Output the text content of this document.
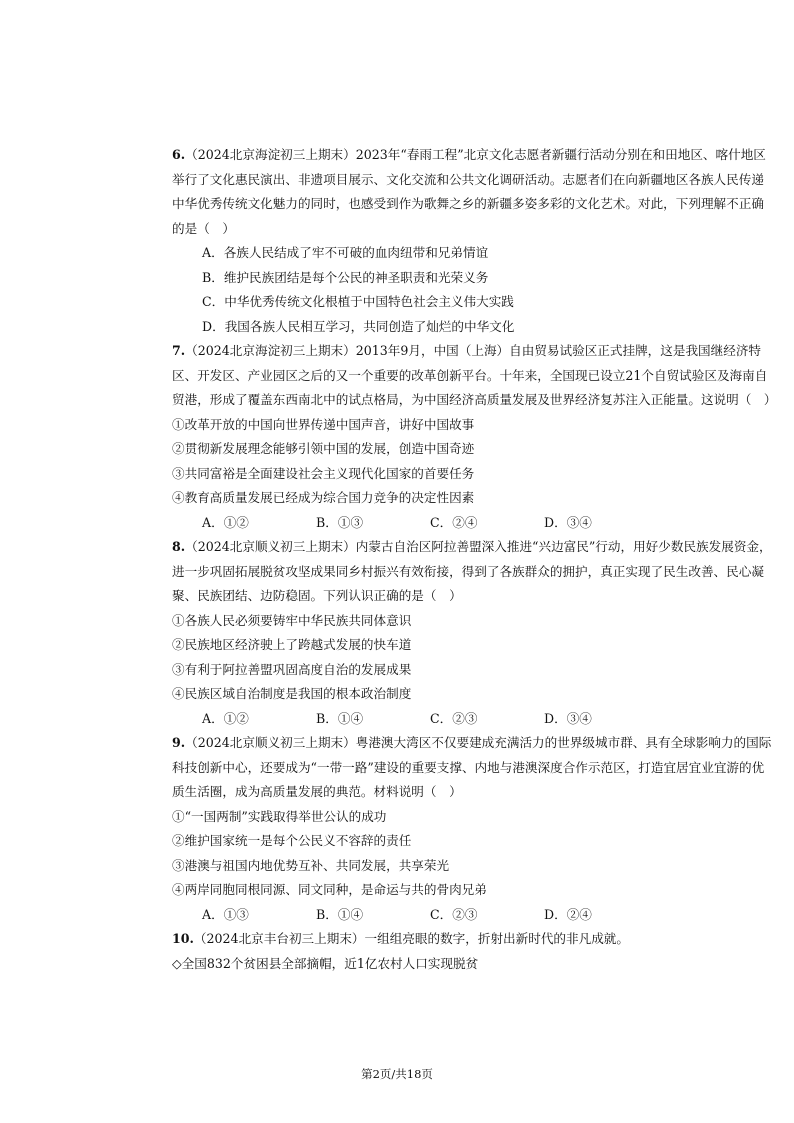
6.（2024北京海淀初三上期末）2023年“春雨工程”北京文化志愿者新疆行活动分别在和田地区、喀什地区举行了文化惠民演出、非遗项目展示、文化交流和公共文化调研活动。志愿者们在向新疆地区各族人民传递中华优秀传统文化魅力的同时，也感受到作为歌舞之乡的新疆多姿多彩的文化艺术。对此，下列理解不正确的是（　）

A．各族人民结成了牢不可破的血肉纽带和兄弟情谊
B．维护民族团结是每个公民的神圣职责和光荣义务
C．中华优秀传统文化根植于中国特色社会主义伟大实践
D．我国各族人民相互学习，共同创造了灿烂的中华文化

7.（2024北京海淀初三上期末）2013年9月，中国（上海）自由贸易试验区正式挂牌，这是我国继经济特区、开发区、产业园区之后的又一个重要的改革创新平台。十年来，全国现已设立21个自贸试验区及海南自贸港，形成了覆盖东西南北中的试点格局，为中国经济高质量发展及世界经济复苏注入正能量。这说明（　）

①改革开放的中国向世界传递中国声音，讲好中国故事
②贯彻新发展理念能够引领中国的发展，创造中国奇迹
③共同富裕是全面建设社会主义现代化国家的首要任务
④教育高质量发展已经成为综合国力竞争的决定性因素
A．①②	B．①③	C．②④	D．③④

8.（2024北京顺义初三上期末）内蒙古自治区阿拉善盟深入推进“兴边富民”行动，用好少数民族发展资金，进一步巩固拓展脱贫攻坚成果同乡村振兴有效衔接，得到了各族群众的拥护，真正实现了民生改善、民心凝聚、民族团结、边防稳固。下列认识正确的是（　）

①各族人民必须要铸牢中华民族共同体意识
②民族地区经济驶上了跨越式发展的快车道
③有利于阿拉善盟巩固高度自治的发展成果
④民族区域自治制度是我国的根本政治制度
A．①②	B．①④	C．②③	D．③④

9.（2024北京顺义初三上期末）粤港澳大湾区不仅要建成充满活力的世界级城市群、具有全球影响力的国际科技创新中心，还要成为“一带一路”建设的重要支撑、内地与港澳深度合作示范区，打造宜居宜业宜游的优质生活圈，成为高质量发展的典范。材料说明（　）

①“一国两制”实践取得举世公认的成功
②维护国家统一是每个公民义不容辞的责任
③港澳与祖国内地优势互补、共同发展，共享荣光
④两岸同胞同根同源、同文同种，是命运与共的骨肉兄弟
A．①③	B．①④	C．②③	D．②④

10.（2024北京丰台初三上期末）一组组亮眼的数字，折射出新时代的非凡成就。

◇全国832个贫困县全部摘帽，近1亿农村人口实现脱贫
第2页/共18页
